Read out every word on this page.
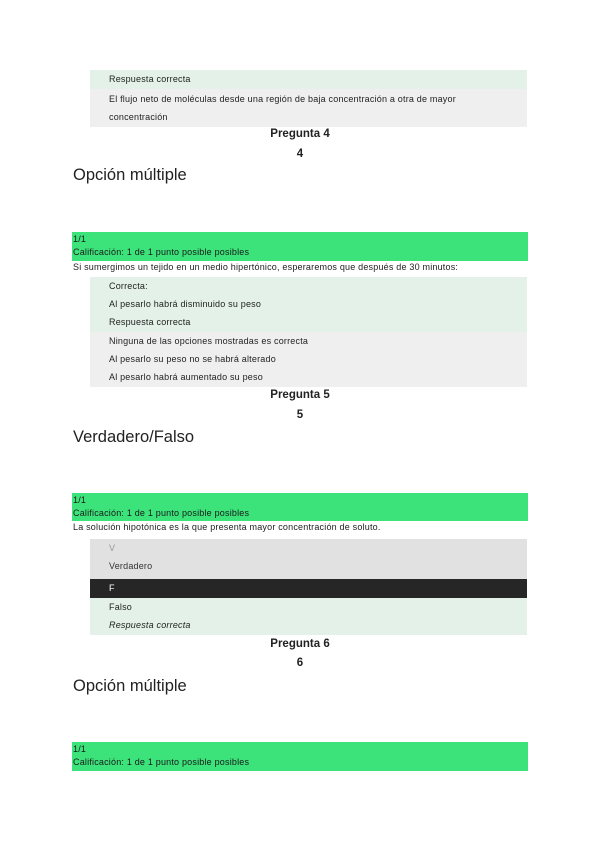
Respuesta correcta
El flujo neto de moléculas desde una región de baja concentración a otra de mayor
concentración
Pregunta 4
4
Opción múltiple
1/1
Calificación: 1 de 1 punto posible posibles
Si sumergimos un tejido en un medio hipertónico, esperaremos que después de 30 minutos:
Correcta:
Al pesarlo habrá disminuido su peso
Respuesta correcta
Ninguna de las opciones mostradas es correcta
Al pesarlo su peso no se habrá alterado
Al pesarlo habrá aumentado su peso
Pregunta 5
5
Verdadero/Falso
1/1
Calificación: 1 de 1 punto posible posibles
La solución hipotónica es la que presenta mayor concentración de soluto.
V
Verdadero
F
Falso
Respuesta correcta
Pregunta 6
6
Opción múltiple
1/1
Calificación: 1 de 1 punto posible posibles
